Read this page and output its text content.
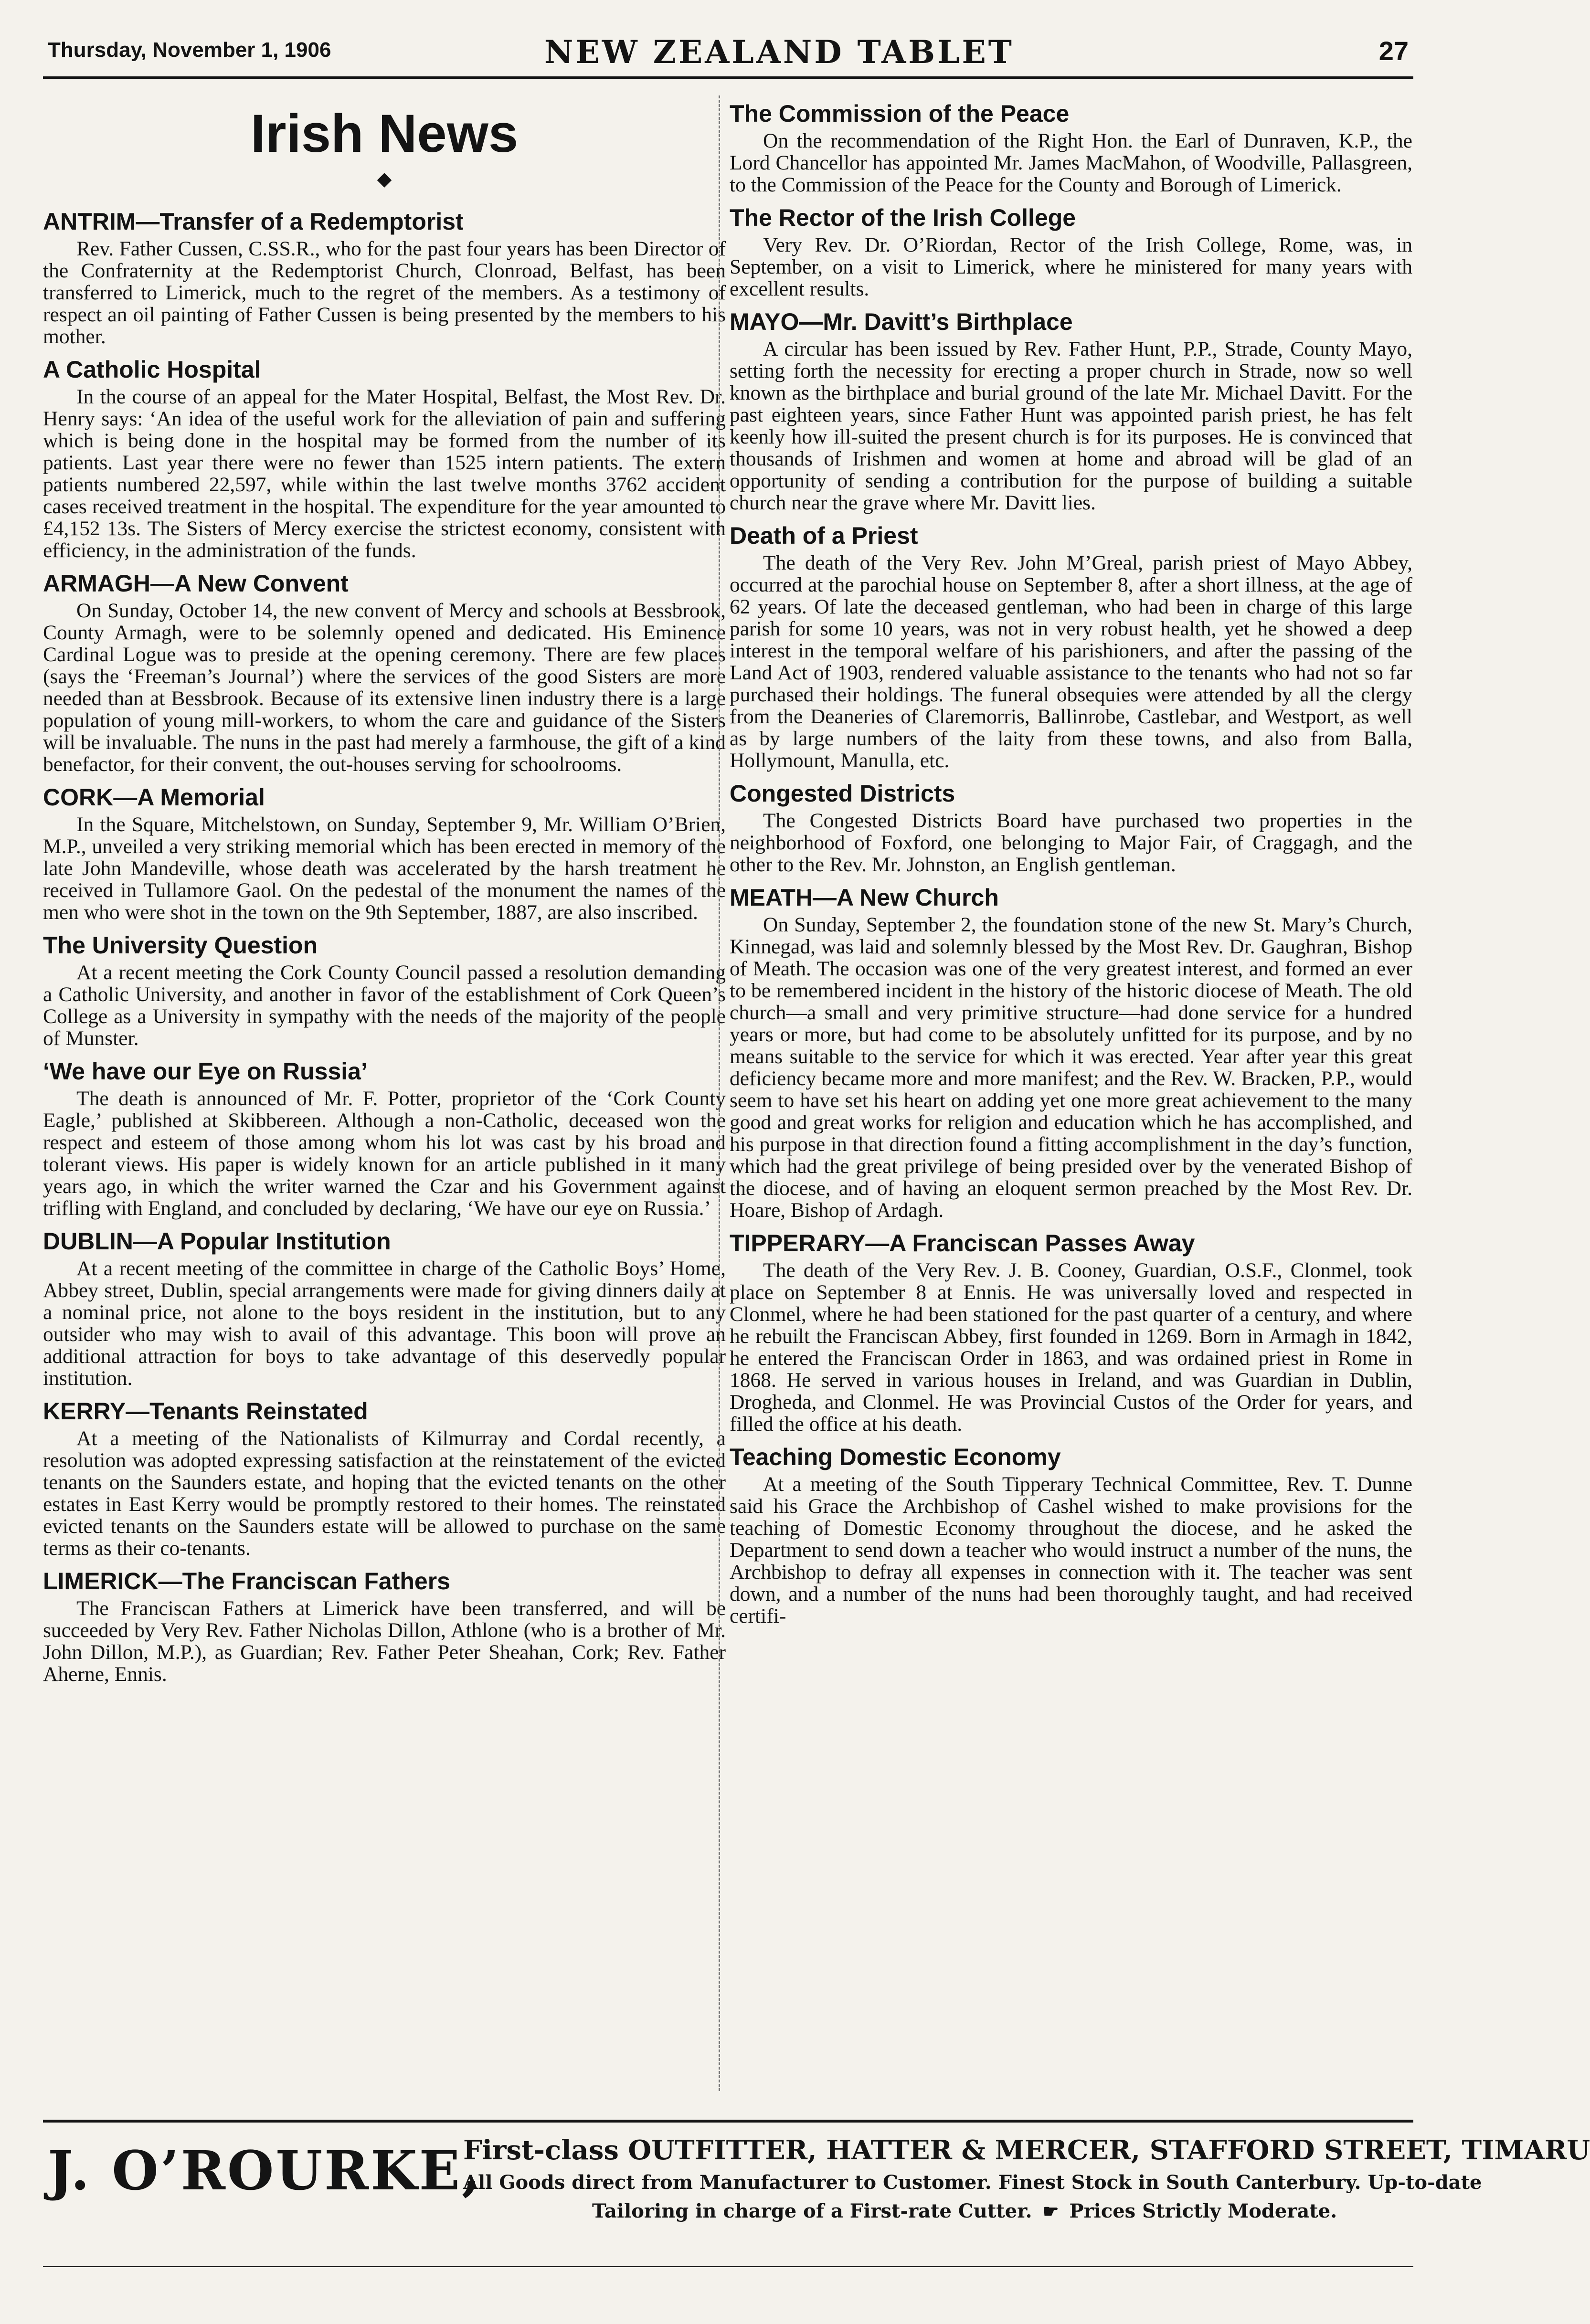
Thursday, November 1, 1906	NEW ZEALAND TABLET	27
Irish News
◆
ANTRIM—Transfer of a Redemptorist

Rev. Father Cussen, C.SS.R., who for the past four years has been Director of the Confraternity at the Redemptorist Church, Clonroad, Belfast, has been transferred to Limerick, much to the regret of the members. As a testimony of respect an oil painting of Father Cussen is being presented by the members to his mother.

A Catholic Hospital

In the course of an appeal for the Mater Hospital, Belfast, the Most Rev. Dr. Henry says: ‘An idea of the useful work for the alleviation of pain and suffering which is being done in the hospital may be formed from the number of its patients. Last year there were no fewer than 1525 intern patients. The extern patients numbered 22,597, while within the last twelve months 3762 accident cases received treatment in the hospital. The expenditure for the year amounted to £4,152 13s. The Sisters of Mercy exercise the strictest economy, consistent with efficiency, in the administration of the funds.

ARMAGH—A New Convent

On Sunday, October 14, the new convent of Mercy and schools at Bessbrook, County Armagh, were to be solemnly opened and dedicated. His Eminence Cardinal Logue was to preside at the opening ceremony. There are few places (says the ‘Freeman’s Journal’) where the services of the good Sisters are more needed than at Bessbrook. Because of its extensive linen industry there is a large population of young mill-workers, to whom the care and guidance of the Sisters will be invaluable. The nuns in the past had merely a farmhouse, the gift of a kind benefactor, for their convent, the out-houses serving for schoolrooms.

CORK—A Memorial

In the Square, Mitchelstown, on Sunday, September 9, Mr. William O’Brien, M.P., unveiled a very striking memorial which has been erected in memory of the late John Mandeville, whose death was accelerated by the harsh treatment he received in Tullamore Gaol. On the pedestal of the monument the names of the men who were shot in the town on the 9th September, 1887, are also inscribed.

The University Question

At a recent meeting the Cork County Council passed a resolution demanding a Catholic University, and another in favor of the establishment of Cork Queen’s College as a University in sympathy with the needs of the majority of the people of Munster.

‘We have our Eye on Russia’

The death is announced of Mr. F. Potter, proprietor of the ‘Cork County Eagle,’ published at Skibbereen. Although a non-Catholic, deceased won the respect and esteem of those among whom his lot was cast by his broad and tolerant views. His paper is widely known for an article published in it many years ago, in which the writer warned the Czar and his Government against trifling with England, and concluded by declaring, ‘We have our eye on Russia.’

DUBLIN—A Popular Institution

At a recent meeting of the committee in charge of the Catholic Boys’ Home, Abbey street, Dublin, special arrangements were made for giving dinners daily at a nominal price, not alone to the boys resident in the institution, but to any outsider who may wish to avail of this advantage. This boon will prove an additional attraction for boys to take advantage of this deservedly popular institution.

KERRY—Tenants Reinstated

At a meeting of the Nationalists of Kilmurray and Cordal recently, a resolution was adopted expressing satisfaction at the reinstatement of the evicted tenants on the Saunders estate, and hoping that the evicted tenants on the other estates in East Kerry would be promptly restored to their homes. The reinstated evicted tenants on the Saunders estate will be allowed to purchase on the same terms as their co-tenants.

LIMERICK—The Franciscan Fathers

The Franciscan Fathers at Limerick have been transferred, and will be succeeded by Very Rev. Father Nicholas Dillon, Athlone (who is a brother of Mr. John Dillon, M.P.), as Guardian; Rev. Father Peter Sheahan, Cork; Rev. Father Aherne, Ennis.

The Commission of the Peace

On the recommendation of the Right Hon. the Earl of Dunraven, K.P., the Lord Chancellor has appointed Mr. James MacMahon, of Woodville, Pallasgreen, to the Commission of the Peace for the County and Borough of Limerick.

The Rector of the Irish College

Very Rev. Dr. O’Riordan, Rector of the Irish College, Rome, was, in September, on a visit to Limerick, where he ministered for many years with excellent results.

MAYO—Mr. Davitt’s Birthplace

A circular has been issued by Rev. Father Hunt, P.P., Strade, County Mayo, setting forth the necessity for erecting a proper church in Strade, now so well known as the birthplace and burial ground of the late Mr. Michael Davitt. For the past eighteen years, since Father Hunt was appointed parish priest, he has felt keenly how ill-suited the present church is for its purposes. He is convinced that thousands of Irishmen and women at home and abroad will be glad of an opportunity of sending a contribution for the purpose of building a suitable church near the grave where Mr. Davitt lies.

Death of a Priest

The death of the Very Rev. John M’Greal, parish priest of Mayo Abbey, occurred at the parochial house on September 8, after a short illness, at the age of 62 years. Of late the deceased gentleman, who had been in charge of this large parish for some 10 years, was not in very robust health, yet he showed a deep interest in the temporal welfare of his parishioners, and after the passing of the Land Act of 1903, rendered valuable assistance to the tenants who had not so far purchased their holdings. The funeral obsequies were attended by all the clergy from the Deaneries of Claremorris, Ballinrobe, Castlebar, and Westport, as well as by large numbers of the laity from these towns, and also from Balla, Hollymount, Manulla, etc.

Congested Districts

The Congested Districts Board have purchased two properties in the neighborhood of Foxford, one belonging to Major Fair, of Craggagh, and the other to the Rev. Mr. Johnston, an English gentleman.

MEATH—A New Church

On Sunday, September 2, the foundation stone of the new St. Mary’s Church, Kinnegad, was laid and solemnly blessed by the Most Rev. Dr. Gaughran, Bishop of Meath. The occasion was one of the very greatest interest, and formed an ever to be remembered incident in the history of the historic diocese of Meath. The old church—a small and very primitive structure—had done service for a hundred years or more, but had come to be absolutely unfitted for its purpose, and by no means suitable to the service for which it was erected. Year after year this great deficiency became more and more manifest; and the Rev. W. Bracken, P.P., would seem to have set his heart on adding yet one more great achievement to the many good and great works for religion and education which he has accomplished, and his purpose in that direction found a fitting accomplishment in the day’s function, which had the great privilege of being presided over by the venerated Bishop of the diocese, and of having an eloquent sermon preached by the Most Rev. Dr. Hoare, Bishop of Ardagh.

TIPPERARY—A Franciscan Passes Away

The death of the Very Rev. J. B. Cooney, Guardian, O.S.F., Clonmel, took place on September 8 at Ennis. He was universally loved and respected in Clonmel, where he had been stationed for the past quarter of a century, and where he rebuilt the Franciscan Abbey, first founded in 1269. Born in Armagh in 1842, he entered the Franciscan Order in 1863, and was ordained priest in Rome in 1868. He served in various houses in Ireland, and was Guardian in Dublin, Drogheda, and Clonmel. He was Provincial Custos of the Order for years, and filled the office at his death.

Teaching Domestic Economy

At a meeting of the South Tipperary Technical Committee, Rev. T. Dunne said his Grace the Archbishop of Cashel wished to make provisions for the teaching of Domestic Economy throughout the diocese, and he asked the Department to send down a teacher who would instruct a number of the nuns, the Archbishop to defray all expenses in connection with it. The teacher was sent down, and a number of the nuns had been thoroughly taught, and had received certifi-

J. O’ROURKE,
First-class OUTFITTER, HATTER & MERCER, STAFFORD STREET, TIMARU
All Goods direct from Manufacturer to Customer. Finest Stock in South Canterbury. Up-to-date
Tailoring in charge of a First-rate Cutter. ☛ Prices Strictly Moderate.
